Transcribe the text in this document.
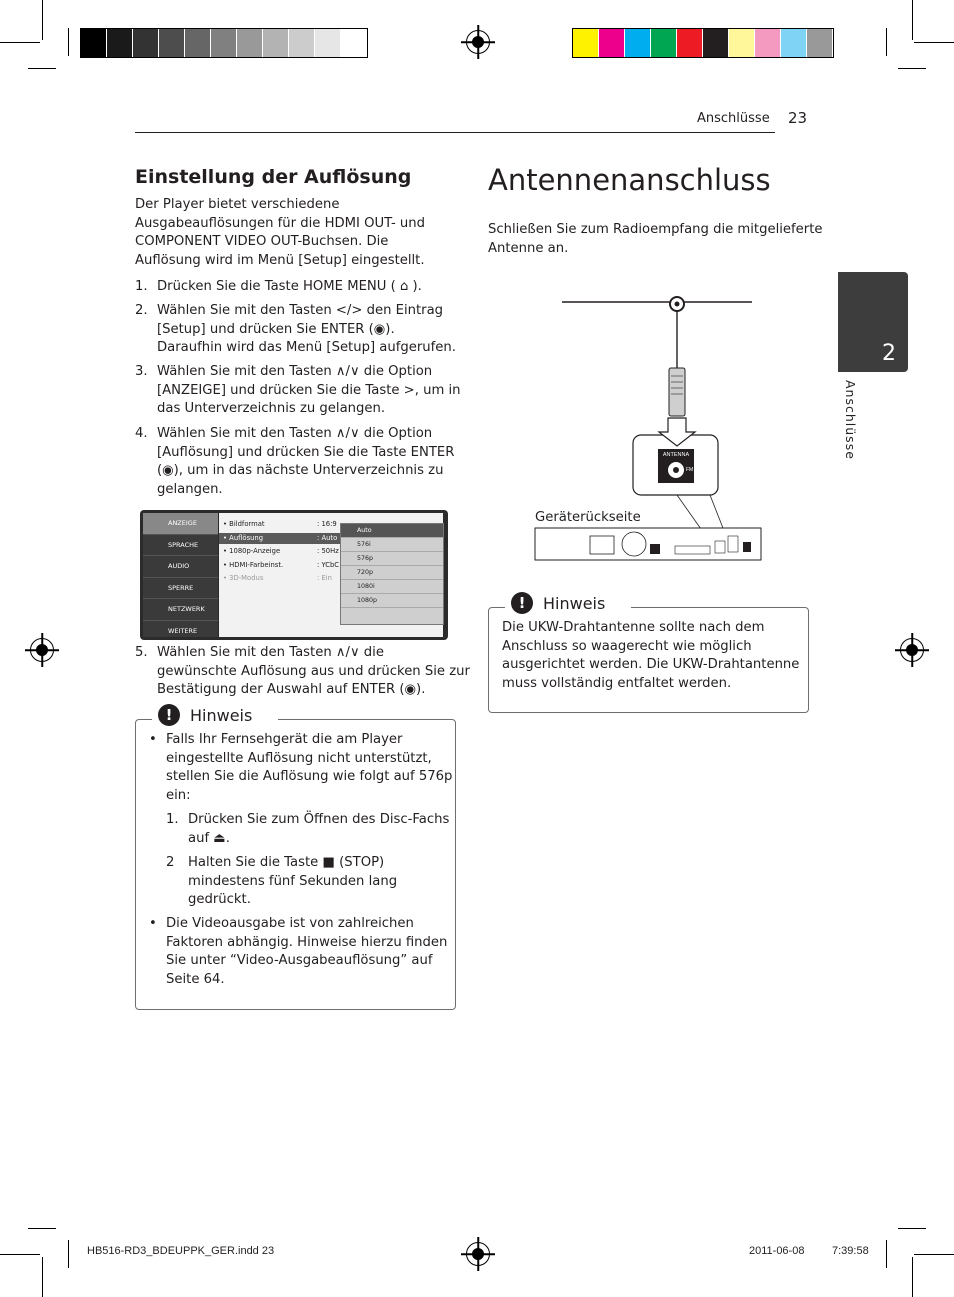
Anschlüsse 23
2
Anschlüsse
Einstellung der Auflösung

Der Player bietet verschiedene Ausgabeauflösungen für die HDMI OUT- und COMPONENT VIDEO OUT-Buchsen. Die Auflösung wird im Menü [Setup] eingestellt.

ANZEIGE
SPRACHE
AUDIO
SPERRE
NETZWERK
WEITERE
• Bildformat	: 16:9
• Auflösung	: Auto
• 1080p-Anzeige	: 50Hz
• HDMI-Farbeinst.	: YCbC
• 3D-Modus	: Ein
Auto
576i
576p
720p
1080i
1080p
!	Hinweis
• Falls Ihr Fernsehgerät die am Player
eingestellte Auflösung nicht unterstützt,
stellen Sie die Auflösung wie folgt auf 576p
ein:
1. Drücken Sie zum Öffnen des Disc-Fachs
auf ⏏.
2 Halten Sie die Taste ■ (STOP)
mindestens fünf Sekunden lang
gedrückt.
• Die Videoausgabe ist von zahlreichen
Faktoren abhängig. Hinweise hierzu finden
Sie unter “Video-Ausgabeauflösung” auf
Seite 64.
Antennenanschluss
Schließen Sie zum Radioempfang die mitgelieferte
Antenne an.
ANTENNA
FM
Geräterückseite
!	Hinweis
Die UKW-Drahtantenne sollte nach dem
Anschluss so waagerecht wie möglich
ausgerichtet werden. Die UKW-Drahtantenne
muss vollständig entfaltet werden.
HB516-RD3_BDEUPPK_GER.indd 23	2011-06-08	7:39:58
1. Drücken Sie die Taste HOME MENU ( ⌂ ).
2. Wählen Sie mit den Tasten </> den Eintrag
[Setup] und drücken Sie ENTER (◉).
Daraufhin wird das Menü [Setup] aufgerufen.
3. Wählen Sie mit den Tasten ∧/∨ die Option
[ANZEIGE] und drücken Sie die Taste >, um in
das Unterverzeichnis zu gelangen.
4. Wählen Sie mit den Tasten ∧/∨ die Option
[Auflösung] und drücken Sie die Taste ENTER
(◉), um in das nächste Unterverzeichnis zu
gelangen.
5. Wählen Sie mit den Tasten ∧/∨ die
gewünschte Auflösung aus und drücken Sie zur
Bestätigung der Auswahl auf ENTER (◉).
